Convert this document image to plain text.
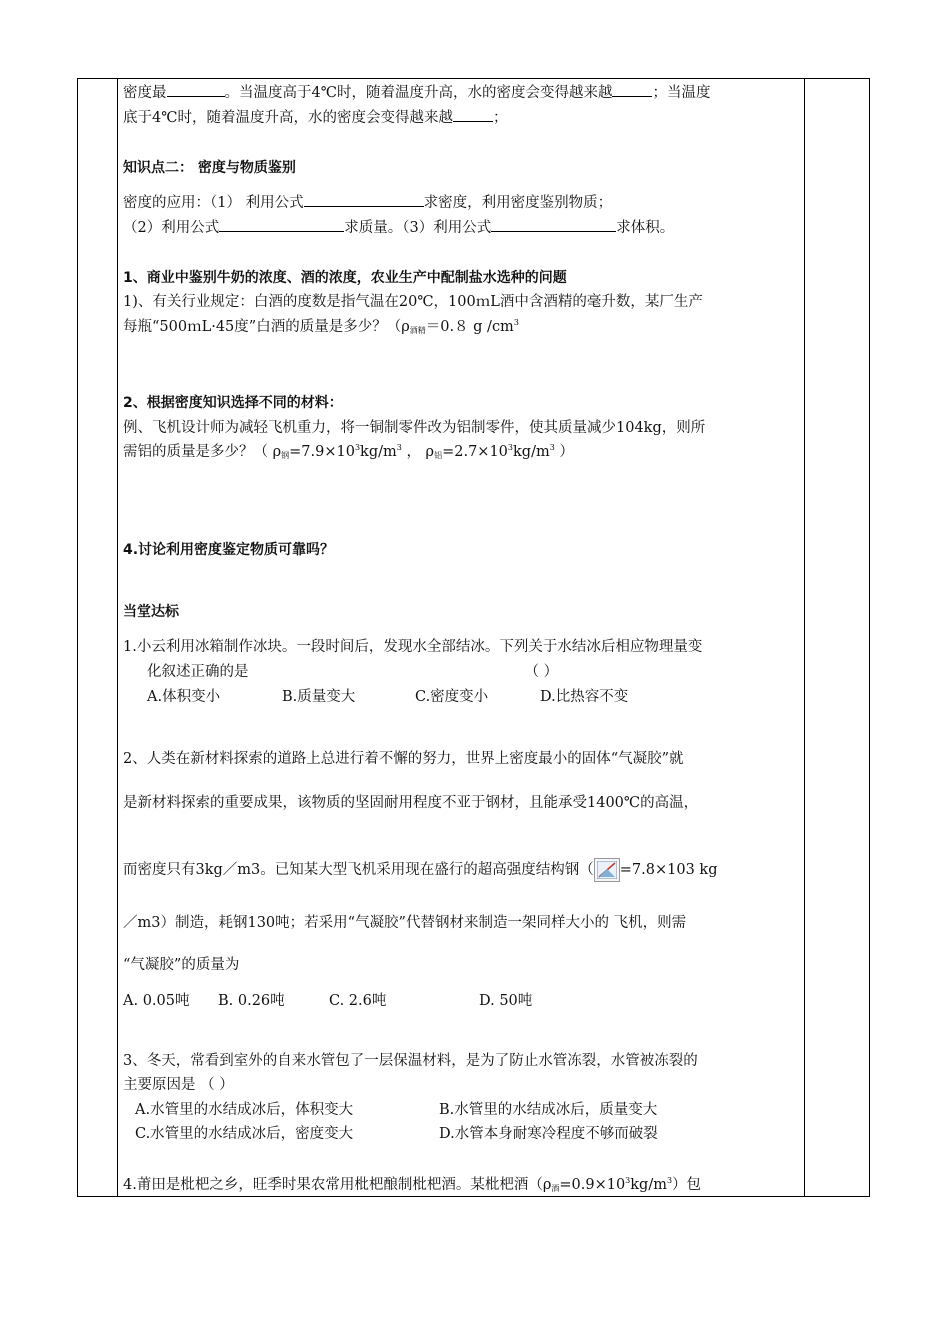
密度最	。当温度高于4℃时，随着温度升高，水的密度会变得越来越	；当温度
底于4℃时，随着温度升高，水的密度会变得越来越	；
知识点二： 密度与物质鉴别
密度的应用：（1） 利用公式	求密度，利用密度鉴别物质；
（2）利用公式	求质量。（3）利用公式	求体积。
1、商业中鉴别牛奶的浓度、酒的浓度，农业生产中配制盐水选种的问题
1)、有关行业规定：白酒的度数是指气温在20℃，100ｍL酒中含酒精的毫升数，某厂生产
每瓶“500ｍL·45度”白酒的质量是多少？（ρ酒精＝0.８ g $/cm^3$
2、根据密度知识选择不同的材料：
例、飞机设计师为减轻飞机重力，将一铜制零件改为铝制零件，使其质量减少104kg，则所
需铝的质量是多少？（ ρ钢$=7.9\times 10^3kg/m^3$ ， ρ铝$=2.7\times 10^3kg/m^3$ ）
4.讨论利用密度鉴定物质可靠吗？
当堂达标
1.小云利用冰箱制作冰块。一段时间后，发现水全部结冰。下列关于水结冰后相应物理量变
化叙述正确的是	（ ）
A.体积变小	B.质量变大	C.密度变小	D.比热容不变
2、人类在新材料探索的道路上总进行着不懈的努力，世界上密度最小的固体“气凝胶”就
是新材料探索的重要成果，该物质的坚固耐用程度不亚于钢材，且能承受1400℃的高温，
而密度只有3kg／m3。已知某大型飞机采用现在盛行的超高强度结构钢（ =7.8×103 kg
／m3）制造，耗钢130吨；若采用“气凝胶”代替钢材来制造一架同样大小的 飞机，则需
“气凝胶”的质量为
A. 0.05吨 B. 0.26吨	C. 2.6吨	D. 50吨
3、冬天，常看到室外的自来水管包了一层保温材料，是为了防止水管冻裂，水管被冻裂的
主要原因是 （ ）
A.水管里的水结成冰后，体积变大	B.水管里的水结成冰后，质量变大
C.水管里的水结成冰后，密度变大	D.水管本身耐寒冷程度不够而破裂
4.莆田是枇杷之乡，旺季时果农常用枇杷酿制枇杷酒。某枇杷酒（ρ酒$=0.9\times 10^3kg/m^3$）包
